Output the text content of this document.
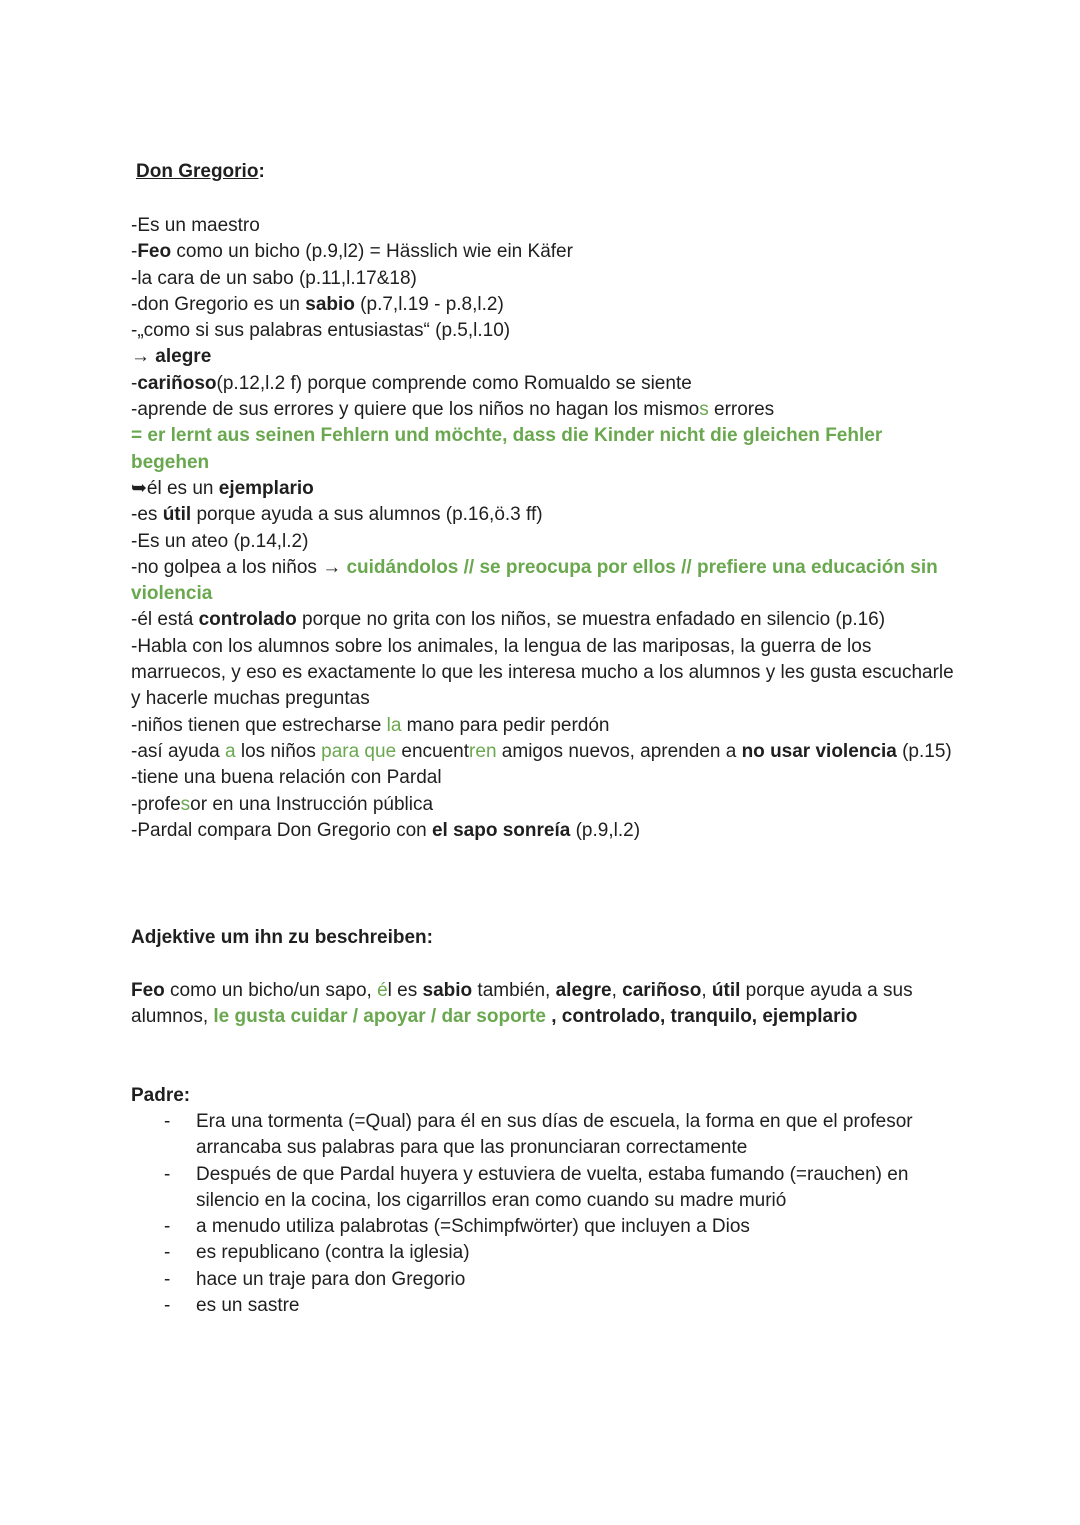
Don Gregorio:
-Es un maestro
-Feo como un bicho (p.9,l2) = Hässlich wie ein Käfer
-la cara de un sabo (p.11,l.17&18)
-don Gregorio es un sabio (p.7,l.19 - p.8,l.2)
-„como si sus palabras entusiastas“ (p.5,l.10)
→ alegre
-cariñoso(p.12,l.2 f) porque comprende como Romualdo se siente
-aprende de sus errores y quiere que los niños no hagan los mismos errores
= er lernt aus seinen Fehlern und möchte, dass die Kinder nicht die gleichen Fehler begehen
➥él es un ejemplario
-es útil porque ayuda a sus alumnos (p.16,ö.3 ff)
-Es un ateo (p.14,l.2)
-no golpea a los niños → cuidándolos // se preocupa por ellos // prefiere una educación sin violencia
-él está controlado porque no grita con los niños, se muestra enfadado en silencio (p.16)
-Habla con los alumnos sobre los animales, la lengua de las mariposas, la guerra de los marruecos, y eso es exactamente lo que les interesa mucho a los alumnos y les gusta escucharle y hacerle muchas preguntas
-niños tienen que estrecharse la mano para pedir perdón
-así ayuda a los niños para que encuentren amigos nuevos, aprenden a no usar violencia (p.15)
-tiene una buena relación con Pardal
-profesor en una Instrucción pública
-Pardal compara Don Gregorio con el sapo sonreía (p.9,l.2)
Adjektive um ihn zu beschreiben:
Feo como un bicho/un sapo, él es sabio también, alegre, cariñoso, útil porque ayuda a sus alumnos, le gusta cuidar / apoyar / dar soporte , controlado, tranquilo, ejemplario
Padre:
- Era una tormenta (=Qual) para él en sus días de escuela, la forma en que el profesor arrancaba sus palabras para que las pronunciaran correctamente
- Después de que Pardal huyera y estuviera de vuelta, estaba fumando (=rauchen) en silencio en la cocina, los cigarrillos eran como cuando su madre murió
- a menudo utiliza palabrotas (=Schimpfwörter) que incluyen a Dios
- es republicano (contra la iglesia)
- hace un traje para don Gregorio
- es un sastre
